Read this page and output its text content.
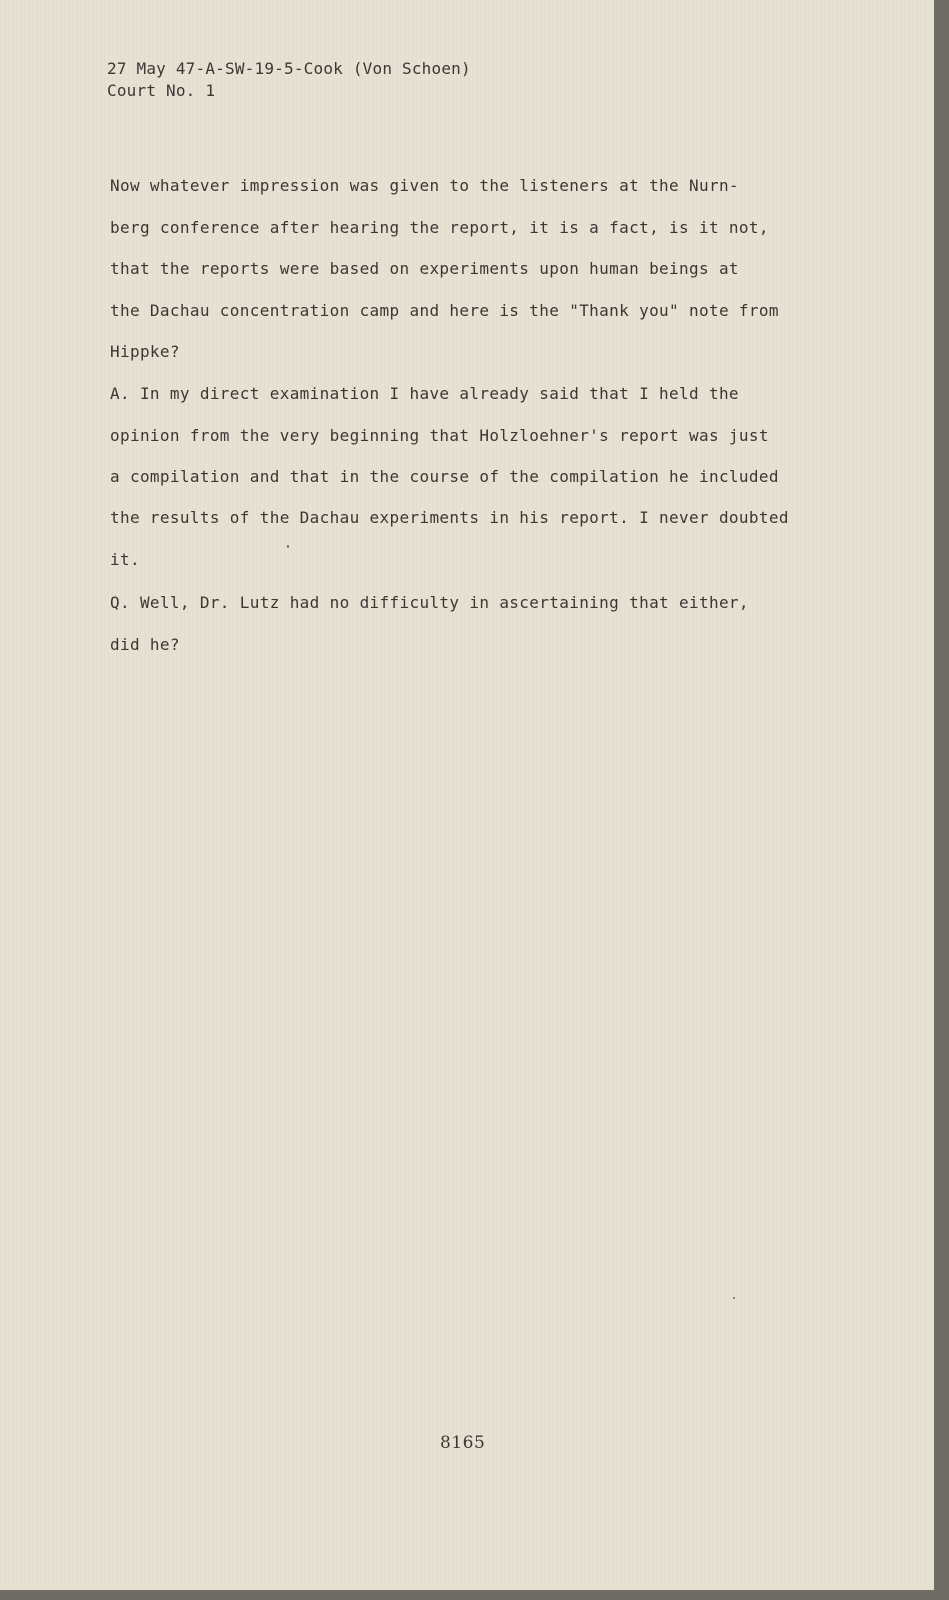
27 May 47-A-SW-19-5-Cook (Von Schoen)
Court No. 1
Now whatever impression was given to the listeners at the Nurn-
berg conference after hearing the report, it is a fact, is it not,
that the reports were based on experiments upon human beings at
the Dachau concentration camp and here is the "Thank you" note from
Hippke?
A. In my direct examination I have already said that I held the
opinion from the very beginning that Holzloehner's report was just
a compilation and that in the course of the compilation he included
the results of the Dachau experiments in his report. I never doubted
it.
Q. Well, Dr. Lutz had no difficulty in ascertaining that either,
did he?
8165
